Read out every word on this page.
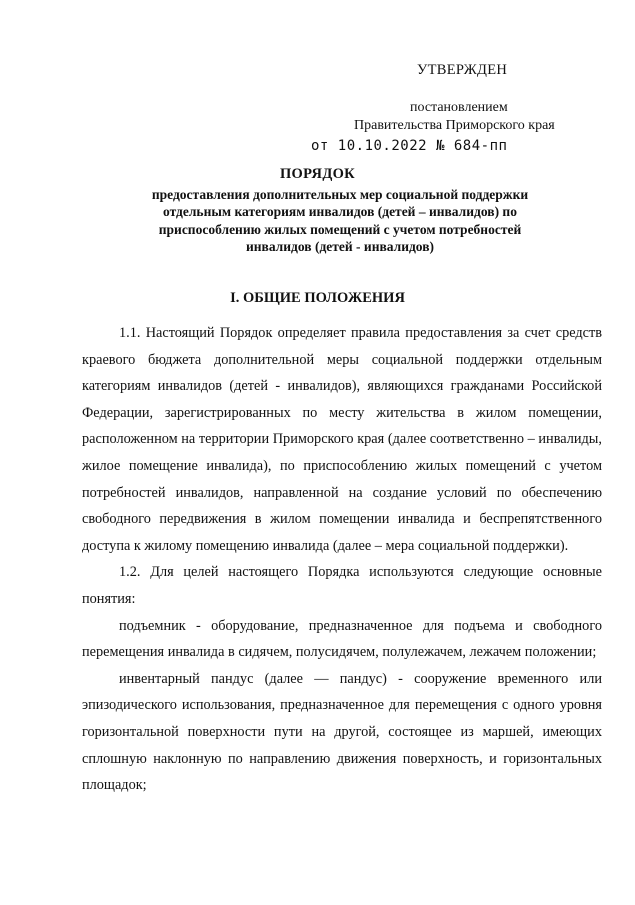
УТВЕРЖДЕН
постановлением
Правительства Приморского края
от 10.10.2022 № 684-пп
ПОРЯДОК
предоставления дополнительных мер социальной поддержки отдельным категориям инвалидов (детей – инвалидов) по приспособлению жилых помещений с учетом потребностей инвалидов (детей - инвалидов)
I. ОБЩИЕ ПОЛОЖЕНИЯ

1.1. Настоящий Порядок определяет правила предоставления за счет средств краевого бюджета дополнительной меры социальной поддержки отдельным категориям инвалидов (детей - инвалидов), являющихся гражданами Российской Федерации, зарегистрированных по месту жительства в жилом помещении, расположенном на территории Приморского края (далее соответственно – инвалиды, жилое помещение инвалида), по приспособлению жилых помещений с учетом потребностей инвалидов, направленной на создание условий по обеспечению свободного передвижения в жилом помещении инвалида и беспрепятственного доступа к жилому помещению инвалида (далее – мера социальной поддержки).

1.2. Для целей настоящего Порядка используются следующие основные понятия:

подъемник - оборудование, предназначенное для подъема и свободного перемещения инвалида в сидячем, полусидячем, полулежачем, лежачем положении;

инвентарный пандус (далее — пандус) - сооружение временного или эпизодического использования, предназначенное для перемещения с одного уровня горизонтальной поверхности пути на другой, состоящее из маршей, имеющих сплошную наклонную по направлению движения поверхность, и горизонтальных площадок;
